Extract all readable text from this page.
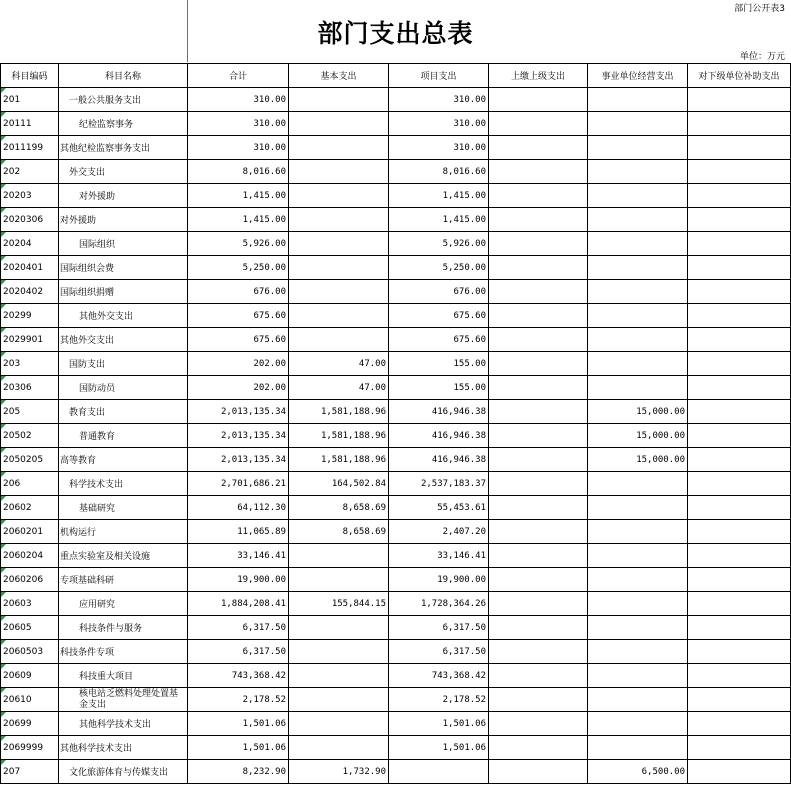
部门公开表3
部门支出总表
单位：万元
科目编码	科目名称	合计	基本支出	项目支出	上缴上级支出	事业单位经营支出	对下级单位补助支出
201	一般公共服务支出	310.00		310.00			
20111	纪检监察事务	310.00		310.00			
2011199	其他纪检监察事务支出	310.00		310.00			
202	外交支出	8,016.60		8,016.60			
20203	对外援助	1,415.00		1,415.00			
2020306	对外援助	1,415.00		1,415.00			
20204	国际组织	5,926.00		5,926.00			
2020401	国际组织会费	5,250.00		5,250.00			
2020402	国际组织捐赠	676.00		676.00			
20299	其他外交支出	675.60		675.60			
2029901	其他外交支出	675.60		675.60			
203	国防支出	202.00	47.00	155.00			
20306	国防动员	202.00	47.00	155.00			
205	教育支出	2,013,135.34	1,581,188.96	416,946.38		15,000.00	
20502	普通教育	2,013,135.34	1,581,188.96	416,946.38		15,000.00	
2050205	高等教育	2,013,135.34	1,581,188.96	416,946.38		15,000.00	
206	科学技术支出	2,701,686.21	164,502.84	2,537,183.37			
20602	基础研究	64,112.30	8,658.69	55,453.61			
2060201	机构运行	11,065.89	8,658.69	2,407.20			
2060204	重点实验室及相关设施	33,146.41		33,146.41			
2060206	专项基础科研	19,900.00		19,900.00			
20603	应用研究	1,884,208.41	155,844.15	1,728,364.26			
20605	科技条件与服务	6,317.50		6,317.50			
2060503	科技条件专项	6,317.50		6,317.50			
20609	科技重大项目	743,368.42		743,368.42			
20610	核电站乏燃料处理处置基金支出	2,178.52		2,178.52			
20699	其他科学技术支出	1,501.06		1,501.06			
2069999	其他科学技术支出	1,501.06		1,501.06			
207	文化旅游体育与传媒支出	8,232.90	1,732.90			6,500.00	
